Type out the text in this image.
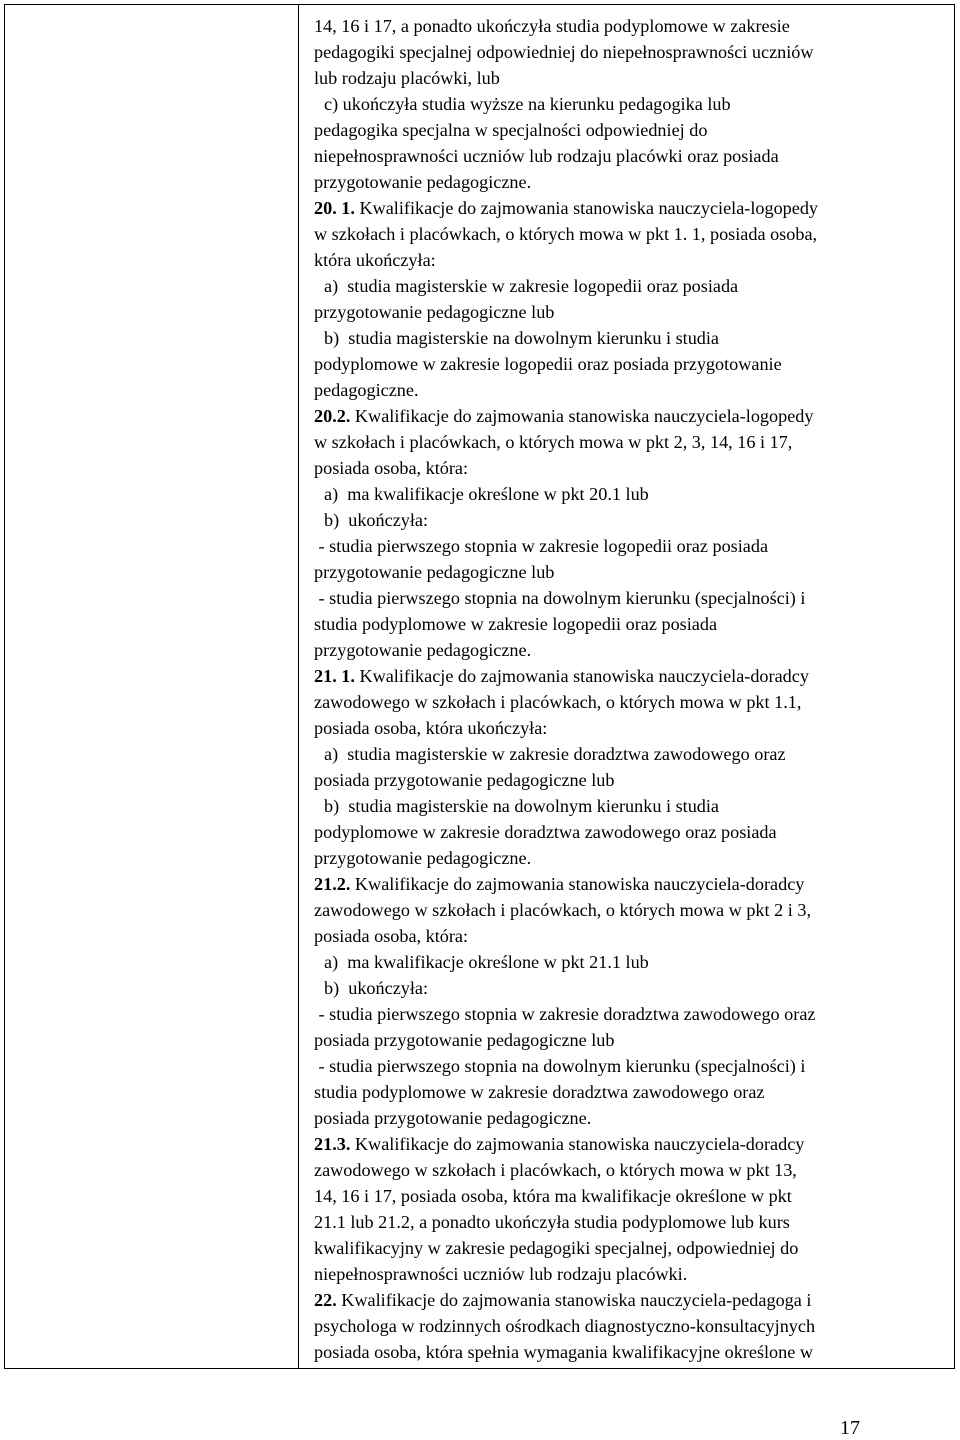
14, 16 i 17, a ponadto ukończyła studia podyplomowe w zakresie
pedagogiki specjalnej odpowiedniej do niepełnosprawności uczniów
lub rodzaju placówki, lub
c) ukończyła studia wyższe na kierunku pedagogika lub
pedagogika specjalna w specjalności odpowiedniej do
niepełnosprawności uczniów lub rodzaju placówki oraz posiada
przygotowanie pedagogiczne.
20. 1. Kwalifikacje do zajmowania stanowiska nauczyciela-logopedy
w szkołach i placówkach, o których mowa w pkt 1. 1, posiada osoba,
która ukończyła:
a)  studia magisterskie w zakresie logopedii oraz posiada
przygotowanie pedagogiczne lub
b)  studia magisterskie na dowolnym kierunku i studia
podyplomowe w zakresie logopedii oraz posiada przygotowanie
pedagogiczne.
20.2. Kwalifikacje do zajmowania stanowiska nauczyciela-logopedy
w szkołach i placówkach, o których mowa w pkt 2, 3, 14, 16 i 17,
posiada osoba, która:
a)  ma kwalifikacje określone w pkt 20.1 lub
b)  ukończyła:
- studia pierwszego stopnia w zakresie logopedii oraz posiada
przygotowanie pedagogiczne lub
- studia pierwszego stopnia na dowolnym kierunku (specjalności) i
studia podyplomowe w zakresie logopedii oraz posiada
przygotowanie pedagogiczne.
21. 1. Kwalifikacje do zajmowania stanowiska nauczyciela-doradcy
zawodowego w szkołach i placówkach, o których mowa w pkt 1.1,
posiada osoba, która ukończyła:
a)  studia magisterskie w zakresie doradztwa zawodowego oraz
posiada przygotowanie pedagogiczne lub
b)  studia magisterskie na dowolnym kierunku i studia
podyplomowe w zakresie doradztwa zawodowego oraz posiada
przygotowanie pedagogiczne.
21.2. Kwalifikacje do zajmowania stanowiska nauczyciela-doradcy
zawodowego w szkołach i placówkach, o których mowa w pkt 2 i 3,
posiada osoba, która:
a)  ma kwalifikacje określone w pkt 21.1 lub
b)  ukończyła:
- studia pierwszego stopnia w zakresie doradztwa zawodowego oraz
posiada przygotowanie pedagogiczne lub
- studia pierwszego stopnia na dowolnym kierunku (specjalności) i
studia podyplomowe w zakresie doradztwa zawodowego oraz
posiada przygotowanie pedagogiczne.
21.3. Kwalifikacje do zajmowania stanowiska nauczyciela-doradcy
zawodowego w szkołach i placówkach, o których mowa w pkt 13,
14, 16 i 17, posiada osoba, która ma kwalifikacje określone w pkt
21.1 lub 21.2, a ponadto ukończyła studia podyplomowe lub kurs
kwalifikacyjny w zakresie pedagogiki specjalnej, odpowiedniej do
niepełnosprawności uczniów lub rodzaju placówki.
22. Kwalifikacje do zajmowania stanowiska nauczyciela-pedagoga i
psychologa w rodzinnych ośrodkach diagnostyczno-konsultacyjnych
posiada osoba, która spełnia wymagania kwalifikacyjne określone w
17
